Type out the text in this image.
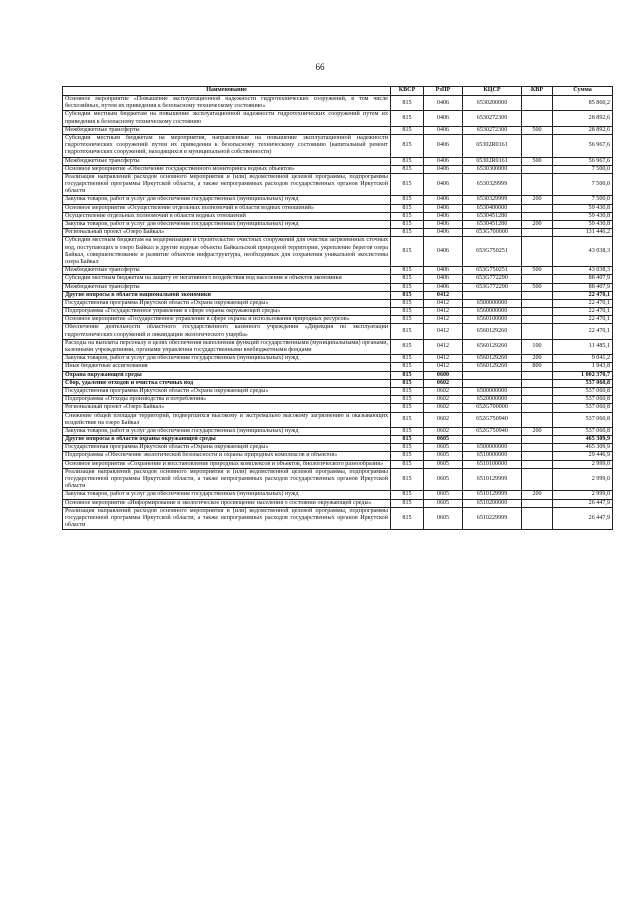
66
Наименование	КВСР	РзПР	КЦСР	КВР	Сумма
Основное мероприятие «Повышение эксплуатационной надежности гидротехнических сооружений, в том числе бесхозяйных, путем их приведения к безопасному техническому состоянию»	815	0406	6530200000		85 860,2
Субсидии местным бюджетам на повышение эксплуатационной надежности гидротехнических сооружений путем их приведения к безопасному техническому состоянию	815	0406	6530272300		28 892,6
Межбюджетные трансферты	815	0406	6530272300	500	28 892,6
Субсидии местным бюджетам на мероприятия, направленные на повышение эксплуатационной надежности гидротехнических сооружений путем их приведения к безопасному техническому состоянию (капитальный ремонт гидротехнических сооружений, находящихся в муниципальной собственности)	815	0406	65302R0161		56 967,6
Межбюджетные трансферты	815	0406	65302R0161	500	56 967,6
Основное мероприятие «Обеспечение государственного мониторинга водных объектов»	815	0406	6530300000		7 500,0
Реализация направлений расходов основного мероприятия и (или) ведомственной целевой программы, подпрограммы государственной программы Иркутской области, а также непрограммных расходов государственных органов Иркутской области	815	0406	6530329999		7 500,0
Закупка товаров, работ и услуг для обеспечения государственных (муниципальных) нужд	815	0406	6530329999	200	7 500,0
Основное мероприятие «Осуществление отдельных полномочий в области водных отношений»	815	0406	6530400000		59 430,8
Осуществление отдельных полномочий в области водных отношений	815	0406	6530451280		59 430,8
Закупка товаров, работ и услуг для обеспечения государственных (муниципальных) нужд	815	0406	6530451280	200	59 430,8
Региональный проект «Озеро Байкал»	815	0406	653G700000		131 446,2
Субсидии местным бюджетам на модернизацию и строительство очистных сооружений для очистки загрязненных сточных вод, поступающих в озеро Байкал и другие водные объекты Байкальской природной территории, укрепление берегов озера Байкал, совершенствование и развитие объектов инфраструктуры, необходимых для сохранения уникальной экосистемы озера Байкал	815	0406	653G750251		43 038,3
Межбюджетные трансферты	815	0406	653G750251	500	43 038,3
Субсидии местным бюджетам на защиту от негативного воздействия вод населения и объектов экономики	815	0406	653G772290		88 407,9
Межбюджетные трансферты	815	0406	653G772290	500	88 407,9
Другие вопросы в области национальной экономики	815	0412			22 470,1
Государственная программа Иркутской области «Охрана окружающей среды»	815	0412	6500000000		22 470,1
Подпрограмма «Государственное управление в сфере охраны окружающей среды»	815	0412	6560000000		22 470,1
Основное мероприятие «Государственное управление в сфере охраны и использования природных ресурсов»	815	0412	6560100000		22 470,1
Обеспечение деятельности областного государственного казенного учреждения «Дирекция по эксплуатации гидротехнических сооружений и ликвидации экологического ущерба»	815	0412	6560129260		22 470,1
Расходы на выплаты персоналу в целях обеспечения выполнения функций государственными (муниципальными) органами, казенными учреждениями, органами управления государственными внебюджетными фондами	815	0412	6560129260	100	11 485,1
Закупка товаров, работ и услуг для обеспечения государственных (муниципальных) нужд	815	0412	6560129260	200	9 041,2
Иные бюджетные ассигнования	815	0412	6560129260	800	1 943,8
Охрана окружающей среды	815	0600			1 002 370,7
Сбор, удаление отходов и очистка сточных вод	815	0602			537 060,8
Государственная программа Иркутской области «Охрана окружающей среды»	815	0602	6500000000		537 060,8
Подпрограмма «Отходы производства и потребления»	815	0602	6520000000		537 060,8
Региональный проект «Озеро Байкал»	815	0602	652G700000		537 060,8
Снижение общей площади территорий, подвергшихся высокому и экстремально высокому загрязнению и оказывающих воздействие на озеро Байкал	815	0602	652G750940		537 060,8
Закупка товаров, работ и услуг для обеспечения государственных (муниципальных) нужд	815	0602	652G750940	200	537 060,8
Другие вопросы в области охраны окружающей среды	815	0605			465 309,9
Государственная программа Иркутской области «Охрана окружающей среды»	815	0605	6500000000		465 309,9
Подпрограмма «Обеспечение экологической безопасности и охраны природных комплексов и объектов»	815	0605	6510000000		29 446,9
Основное мероприятие «Сохранение и восстановление природных комплексов и объектов, биологического разнообразия»	815	0605	6510100000		2 999,0
Реализация направлений расходов основного мероприятия и (или) ведомственной целевой программы, подпрограммы государственной программы Иркутской области, а также непрограммных расходов государственных органов Иркутской области	815	0605	6510129999		2 999,0
Закупка товаров, работ и услуг для обеспечения государственных (муниципальных) нужд	815	0605	6510129999	200	2 999,0
Основное мероприятие «Информирование и экологическое просвещение населения о состоянии окружающей среды»	815	0605	6510200000		26 447,9
Реализация направлений расходов основного мероприятия и (или) ведомственной целевой программы, подпрограммы государственной программы Иркутской области, а также непрограммных расходов государственных органов Иркутской области	815	0605	6510229999		26 447,9
